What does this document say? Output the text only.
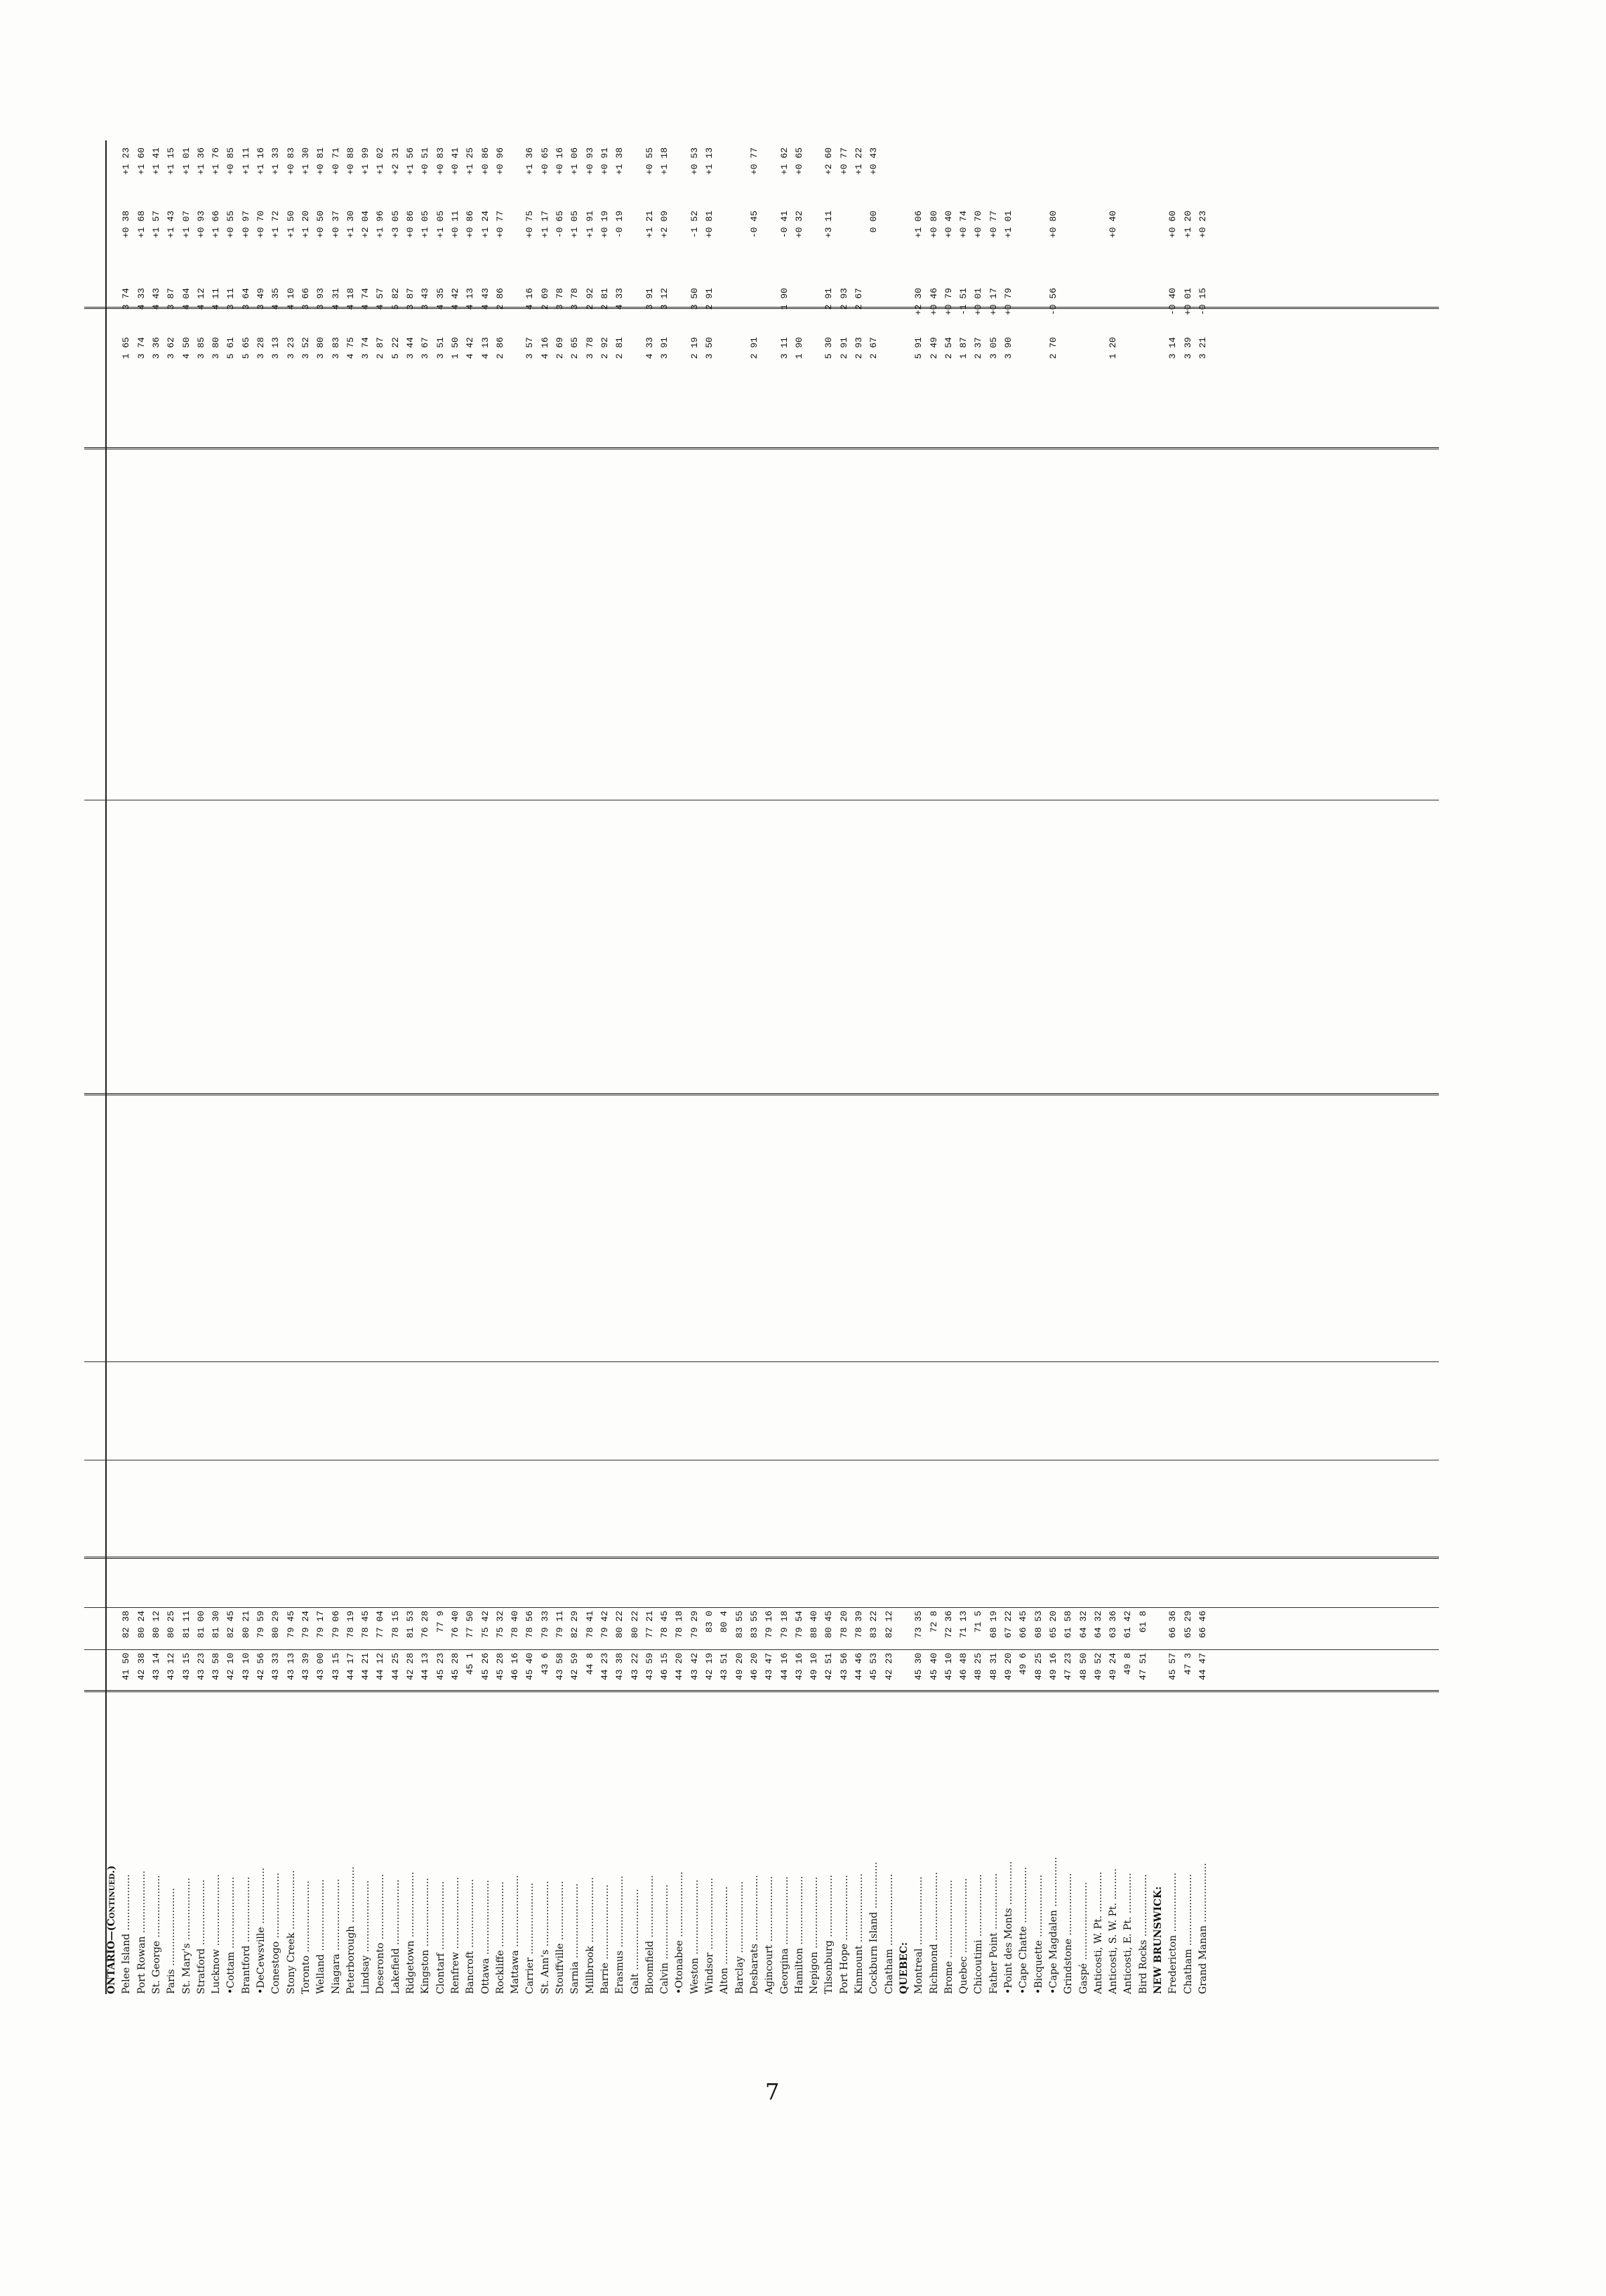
ONTARIO—(Continued.) Pelee Island ..................
41 50
82 38
1 65
3 74
+0 38
+1 23
Port Rowan ....................
42 38
80 24
3 74
4 33
+1 68
+1 60
St. George ....................
43 14
80 12
3 36
4 43
+1 57
+1 41
Paris .........................
43 12
80 25
3 62
3 87
+1 43
+1 15
St. Mary's ....................
43 15
81 11
4 50
4 04
+1 07
+1 01
Stratford .....................
43 23
81 00
3 85
4 12
+0 93
+1 36
Lucknow .......................
43 58
81 30
3 80
4 11
+1 66
+1 76
•Cottam .......................
42 10
82 45
5 61
3 11
+0 55
+0 85
Brantford .....................
43 10
80 21
5 65
3 64
+0 97
+1 11
•DeCewsville ..................
42 56
79 59
3 28
3 49
+0 70
+1 16
Conestogo .....................
43 33
80 29
3 13
4 35
+1 72
+1 33
Stony Creek ...................
43 13
79 45
3 23
4 10
+1 50
+0 83
Toronto .......................
43 39
79 24
3 52
3 66
+1 20
+1 30
Welland .......................
43 00
79 17
3 80
3 93
+0 50
+0 81
Niagara .......................
43 15
79 06
3 83
4 31
+0 37
+0 71
Peterborough ..................
44 17
78 19
4 75
4 18
+1 30
+0 88
Lindsay .......................
44 21
78 45
3 74
4 74
+2 04
+1 99
Deseronto .....................
44 12
77 04
2 87
4 57
+1 96
+1 02
Lakefield .....................
44 25
78 15
5 22
5 82
+3 05
+2 31
Ridgetown .....................
42 28
81 53
3 44
3 87
+0 86
+1 56
Kingston ......................
44 13
76 28
3 67
3 43
+1 05
+0 51
Clontarf ......................
45 23
77 9
3 51
4 35
+1 05
+0 83
Renfrew .......................
45 28
76 40
1 50
4 42
+0 11
+0 41
Bancroft ......................
45 1
77 50
4 42
4 13
+0 86
+1 25
Ottawa ........................
45 26
75 42
4 13
4 43
+1 24
+0 86
Rockliffe .....................
45 28
75 32
2 86
2 86
+0 77
+0 96
Mattawa .......................
46 16
78 40
Carrier .......................
45 40
78 56
3 57
4 16
+0 75
+1 36
St. Ann's .....................
43 6
79 33
4 16
2 69
+1 17
+0 65
Stouffville ...................
43 58
79 11
2 69
3 78
-0 65
+0 16
Sarnia ........................
42 59
82 29
2 65
3 78
+1 05
+1 06
Millbrook .....................
44 8
78 41
3 78
2 92
+1 91
+0 93
Barrie ........................
44 23
79 42
2 92
2 81
+0 19
+0 91
Erasmus .......................
43 38
80 22
2 81
4 33
-0 19
+1 38
Galt ..........................
43 22
80 22
Bloomfield ....................
43 59
77 21
4 33
3 91
+1 21
+0 55
Calvin ........................
46 15
78 45
3 91
3 12
+2 09
+1 18
•Otonabee .....................
44 20
78 18
Weston ........................
43 42
79 29
2 19
3 50
-1 52
+0 53
Windsor .......................
42 19
83 0
3 50
2 91
+0 81
+1 13
Alton .........................
43 51
80 4
Barclay .......................
49 20
83 55
Desbarats .....................
46 20
83 55
2 91
-0 45
+0 77
Agincourt .....................
43 47
79 16
Georgina ......................
44 16
79 18
3 11
1 90
-0 41
+1 62
Hamilton ......................
43 16
79 54
1 90
+0 32
+0 65
Nepigon .......................
49 10
88 40
Tilsonburg ....................
42 51
80 45
5 30
2 91
+3 11
+2 60
Port Hope .....................
43 56
78 20
2 91
2 93
+0 77
Kinmount ......................
44 46
78 39
2 93
2 67
+1 22
Cockburn Island ...............
45 53
83 22
2 67
0 00
+0 43
Chatham .......................
42 23
82 12
QUEBEC: Montreal ......................
45 30
73 35
5 91
+2 30
+1 06
Richmond ......................
45 40
72 8
2 49
+0 46
+0 80
Brome .........................
45 10
72 36
2 54
+0 79
+0 40
Quebec ........................
46 48
71 13
1 87
-1 51
+0 74
Chicoutimi ....................
48 25
71 5
2 37
+0 01
+0 70
Father Point ..................
48 31
68 19
3 05
+0 17
+0 77
•Point des Monts ..............
49 20
67 22
3 90
+0 79
+1 01
•Cape Chatte ..................
49 6
66 45
•Bicquette ....................
48 25
68 53
•Cape Magdalen ................
49 16
65 20
2 70
-0 56
+0 80
Grindstone ....................
47 23
61 58
Gaspé .........................
48 50
64 32
Anticosti, W. Pt. .............
49 52
64 32
Anticosti, S. W. Pt. ..........
49 24
63 36
1 20
+0 40
Anticosti, E. Pt. .............
49 8
61 42
Bird Rocks ....................
47 51
61 8
NEW BRUNSWICK: Fredericton ...................
45 57
66 36
3 14
-0 40
+0 60
Chatham .......................
47 3
65 29
3 39
+0 01
+1 20
Grand Manan ...................
44 47
66 46
3 21
-0 15
+0 23
7
